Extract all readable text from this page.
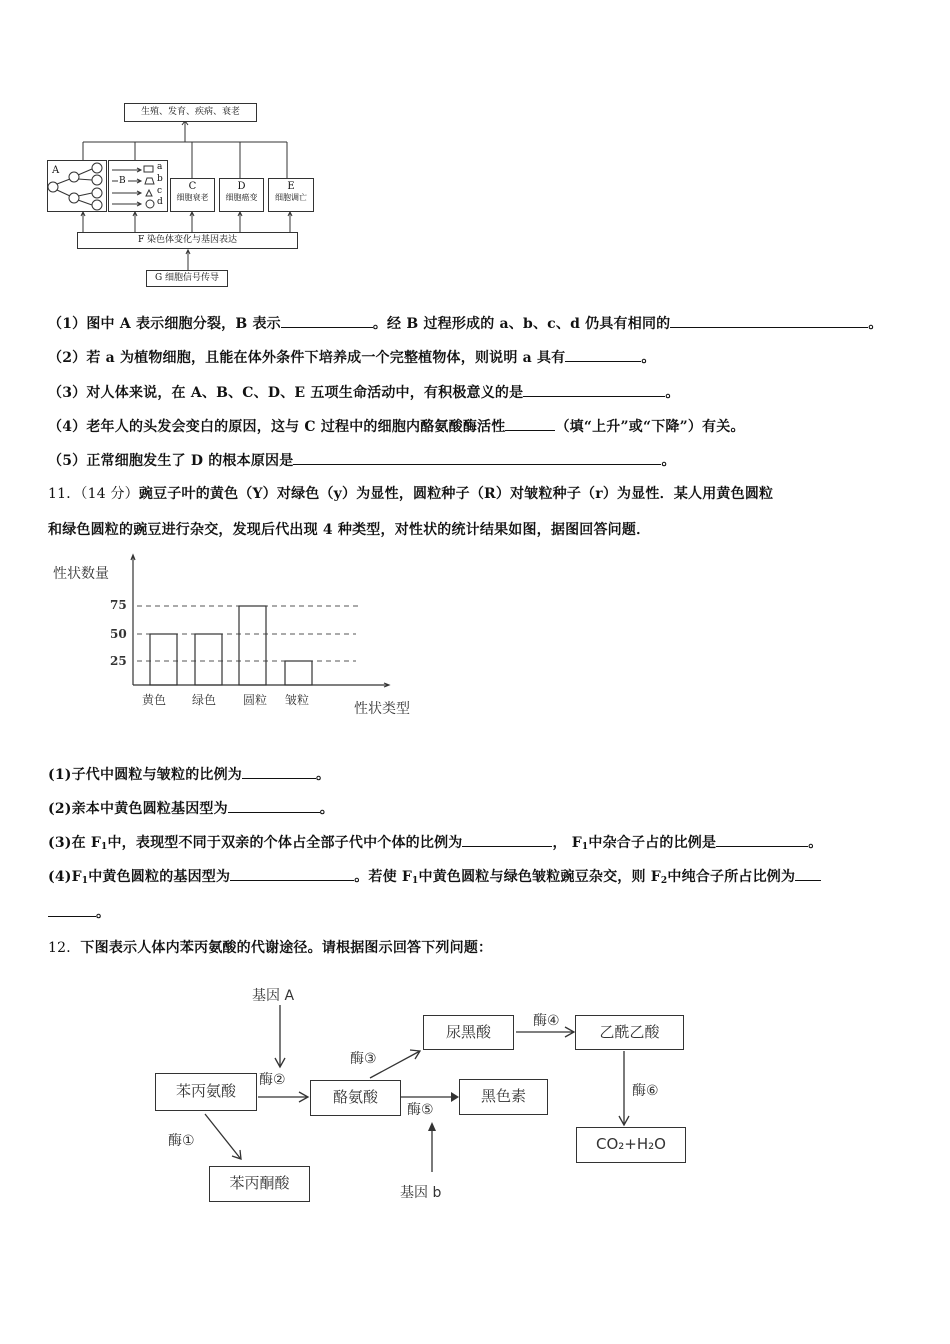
生殖、发育、疾病、衰老
A
B
a
b
c
d
C
细胞衰老
D
细胞癌变
E
细胞调亡
F 染色体变化与基因表达
G 细胞信号传导
（1）图中 A 表示细胞分裂，B 表示	。经 B 过程形成的 a、b、c、d 仍具有相同的	。
（2）若 a 为植物细胞，且能在体外条件下培养成一个完整植物体，则说明 a 具有	。
（3）对人体来说，在 A、B、C、D、E 五项生命活动中，有积极意义的是	。
（4）老年人的头发会变白的原因，这与 C 过程中的细胞内酪氨酸酶活性	（填“上升”或“下降”）有关。
（5）正常细胞发生了 D 的根本原因是	。
11．（14 分）豌豆子叶的黄色（Y）对绿色（y）为显性，圆粒种子（R）对皱粒种子（r）为显性．某人用黄色圆粒
和绿色圆粒的豌豆进行杂交，发现后代出现 4 种类型，对性状的统计结果如图，据图回答问题．
性状数量
75
50
25
黄色 绿色 圆粒 皱粒
性状类型
(1)子代中圆粒与皱粒的比例为	。
(2)亲本中黄色圆粒基因型为	。
(3)在 $F_1$中，表现型不同于双亲的个体占全部子代中个体的比例为	， $F_1$中杂合子占的比例是	。
$(4)F_1$中黄色圆粒的基因型为	。若使 $F_1$中黄色圆粒与绿色皱粒豌豆杂交，则 $F_2$中纯合子所占比例为
。
12．下图表示人体内苯丙氨酸的代谢途径。请根据图示回答下列问题：
苯丙氨酸
苯丙酮酸
酪氨酸
尿黑酸	乙酰乙酸
黑色素
CO₂+H₂O
基因 A
基因 b
酶①
酶②
酶③
酶④
酶⑤
酶⑥
